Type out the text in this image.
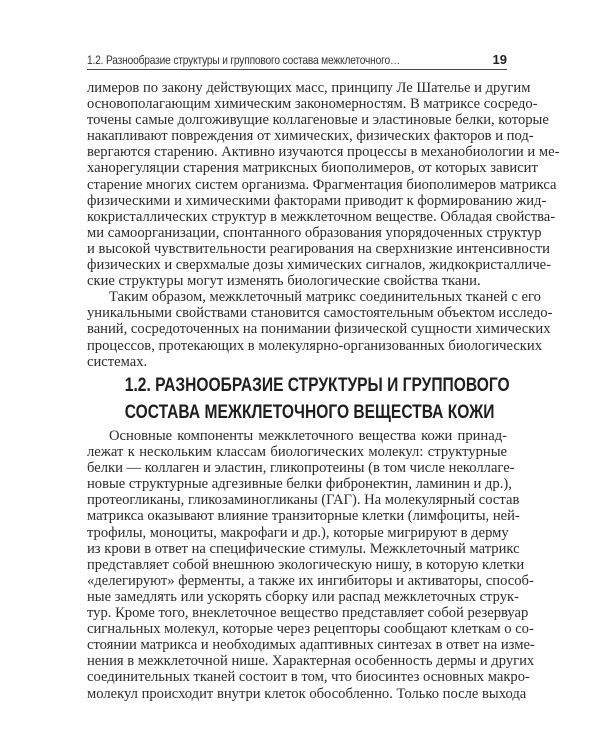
1.2. Разнообразие структуры и группового состава межклеточного…	19
лимеров по закону действующих масс, принципу Ле Шателье и другим
основополагающим химическим закономерностям. В матриксе сосредо-
точены самые долгоживущие коллагеновые и эластиновые белки, которые
накапливают повреждения от химических, физических факторов и под-
вергаются старению. Активно изучаются процессы в механобиологии и ме-
ханорегуляции старения матриксных биополимеров, от которых зависит
старение многих систем организма. Фрагментация биополимеров матрикса
физическими и химическими факторами приводит к формированию жид-
кокристаллических структур в межклеточном веществе. Обладая свойства-
ми самоорганизации, спонтанного образования упорядоченных структур
и высокой чувствительности реагирования на сверхнизкие интенсивности
физических и сверхмалые дозы химических сигналов, жидкокристалличе-
ские структуры могут изменять биологические свойства ткани.
Таким образом, межклеточный матрикс соединительных тканей с его
уникальными свойствами становится самостоятельным объектом исследо-
ваний, сосредоточенных на понимании физической сущности химических
процессов, протекающих в молекулярно-организованных биологических
системах.
1.2. РАЗНООБРАЗИЕ СТРУКТУРЫ И ГРУППОВОГО
СОСТАВА МЕЖКЛЕТОЧНОГО ВЕЩЕСТВА КОЖИ
Основные компоненты межклеточного вещества кожи принад-
лежат к нескольким классам биологических молекул: структурные
белки — коллаген и эластин, гликопротеины (в том числе неколлаге-
новые структурные адгезивные белки фибронектин, ламинин и др.),
протеогликаны, гликозаминогликаны (ГАГ). На молекулярный состав
матрикса оказывают влияние транзиторные клетки (лимфоциты, ней-
трофилы, моноциты, макрофаги и др.), которые мигрируют в дерму
из крови в ответ на специфические стимулы. Межклеточный матрикс
представляет собой внешнюю экологическую нишу, в которую клетки
«делегируют» ферменты, а также их ингибиторы и активаторы, способ-
ные замедлять или ускорять сборку или распад межклеточных струк-
тур. Кроме того, внеклеточное вещество представляет собой резервуар
сигнальных молекул, которые через рецепторы сообщают клеткам о со-
стоянии матрикса и необходимых адаптивных синтезах в ответ на изме-
нения в межклеточной нише. Характерная особенность дермы и других
соединительных тканей состоит в том, что биосинтез основных макро-
молекул происходит внутри клеток обособленно. Только после выхода
